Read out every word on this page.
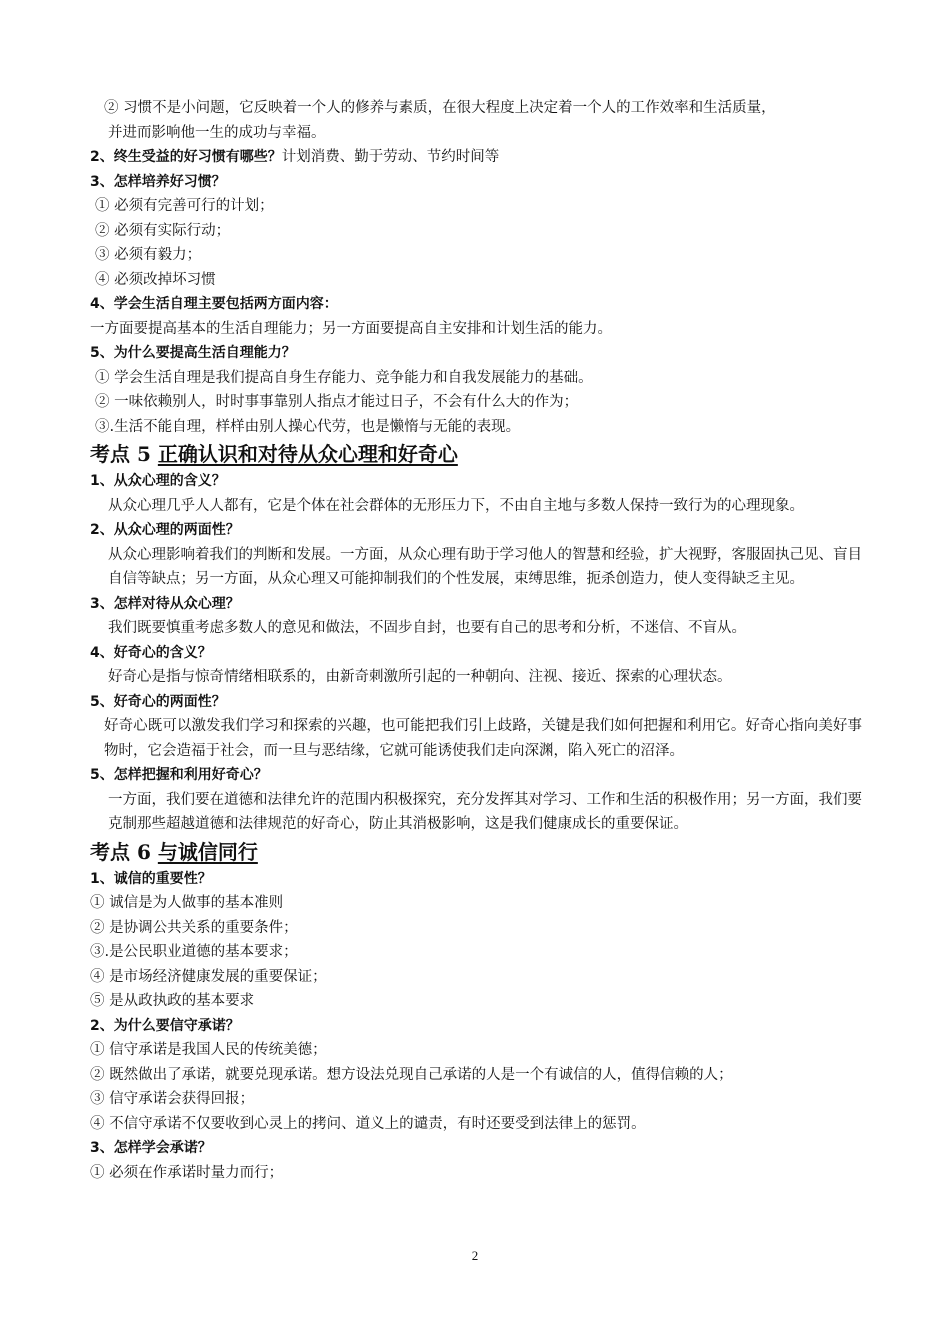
② 习惯不是小问题，它反映着一个人的修养与素质，在很大程度上决定着一个人的工作效率和生活质量，
并进而影响他一生的成功与幸福。
2、终生受益的好习惯有哪些？计划消费、勤于劳动、节约时间等
3、怎样培养好习惯？
① 必须有完善可行的计划；
② 必须有实际行动；
③ 必须有毅力；
④ 必须改掉坏习惯
4、学会生活自理主要包括两方面内容：
一方面要提高基本的生活自理能力；另一方面要提高自主安排和计划生活的能力。
5、为什么要提高生活自理能力？
① 学会生活自理是我们提高自身生存能力、竞争能力和自我发展能力的基础。
② 一味依赖别人，时时事事靠别人指点才能过日子，不会有什么大的作为；
③.生活不能自理，样样由别人操心代劳，也是懒惰与无能的表现。
考点 5 正确认识和对待从众心理和好奇心
1、从众心理的含义？
从众心理几乎人人都有，它是个体在社会群体的无形压力下，不由自主地与多数人保持一致行为的心理现象。
2、从众心理的两面性？
从众心理影响着我们的判断和发展。一方面，从众心理有助于学习他人的智慧和经验，扩大视野，客服固执己见、盲目自信等缺点；另一方面，从众心理又可能抑制我们的个性发展，束缚思维，扼杀创造力，使人变得缺乏主见。
3、怎样对待从众心理？
我们既要慎重考虑多数人的意见和做法，不固步自封，也要有自己的思考和分析，不迷信、不盲从。
4、好奇心的含义？
好奇心是指与惊奇情绪相联系的，由新奇刺激所引起的一种朝向、注视、接近、探索的心理状态。
5、好奇心的两面性？
好奇心既可以激发我们学习和探索的兴趣，也可能把我们引上歧路，关键是我们如何把握和利用它。好奇心指向美好事物时，它会造福于社会，而一旦与恶结缘，它就可能诱使我们走向深渊，陷入死亡的沼泽。
5、怎样把握和利用好奇心？
一方面，我们要在道德和法律允许的范围内积极探究，充分发挥其对学习、工作和生活的积极作用；另一方面，我们要克制那些超越道德和法律规范的好奇心，防止其消极影响，这是我们健康成长的重要保证。
考点 6 与诚信同行
1、诚信的重要性？
① 诚信是为人做事的基本准则
② 是协调公共关系的重要条件；
③.是公民职业道德的基本要求；
④ 是市场经济健康发展的重要保证；
⑤ 是从政执政的基本要求
2、为什么要信守承诺？
① 信守承诺是我国人民的传统美德；
② 既然做出了承诺，就要兑现承诺。想方设法兑现自己承诺的人是一个有诚信的人，值得信赖的人；
③ 信守承诺会获得回报；
④ 不信守承诺不仅要收到心灵上的拷问、道义上的谴责，有时还要受到法律上的惩罚。
3、怎样学会承诺？
① 必须在作承诺时量力而行；
2
